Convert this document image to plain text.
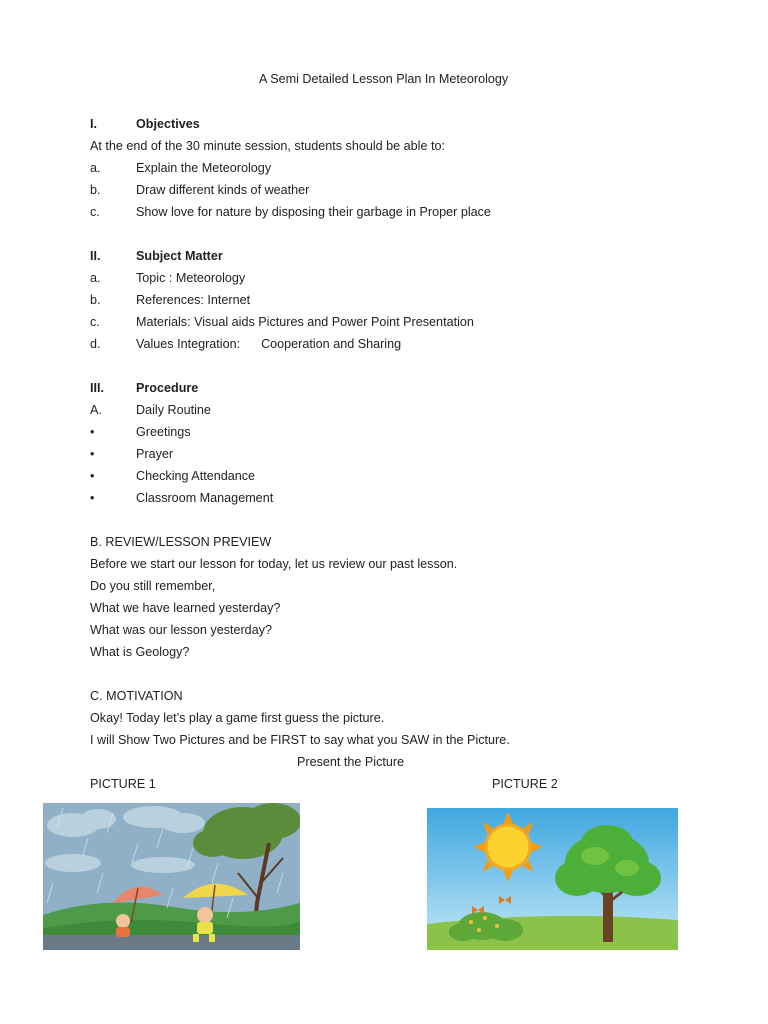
A Semi Detailed Lesson Plan In Meteorology
I.	Objectives
At the end of the 30 minute session, students should be able to:
a.	Explain the Meteorology
b.	Draw different kinds of weather
c.	Show love for nature by disposing their garbage in Proper place
II.	Subject Matter
a.	Topic : Meteorology
b.	References: Internet
c.	Materials: Visual aids Pictures and Power Point Presentation
d.	Values Integration:      Cooperation and Sharing
III.	Procedure
A.	Daily Routine
•	Greetings
•	Prayer
•	Checking Attendance
•	Classroom Management
B. REVIEW/LESSON PREVIEW
Before we start our lesson for today, let us review our past lesson.
Do you still remember,
What we have learned yesterday?
What was our lesson yesterday?
What is Geology?
C. MOTIVATION
Okay! Today let’s play a game first guess the picture.
I will Show Two Pictures and be FIRST to say what you SAW in the Picture.
Present the Picture
PICTURE 1	PICTURE 2
